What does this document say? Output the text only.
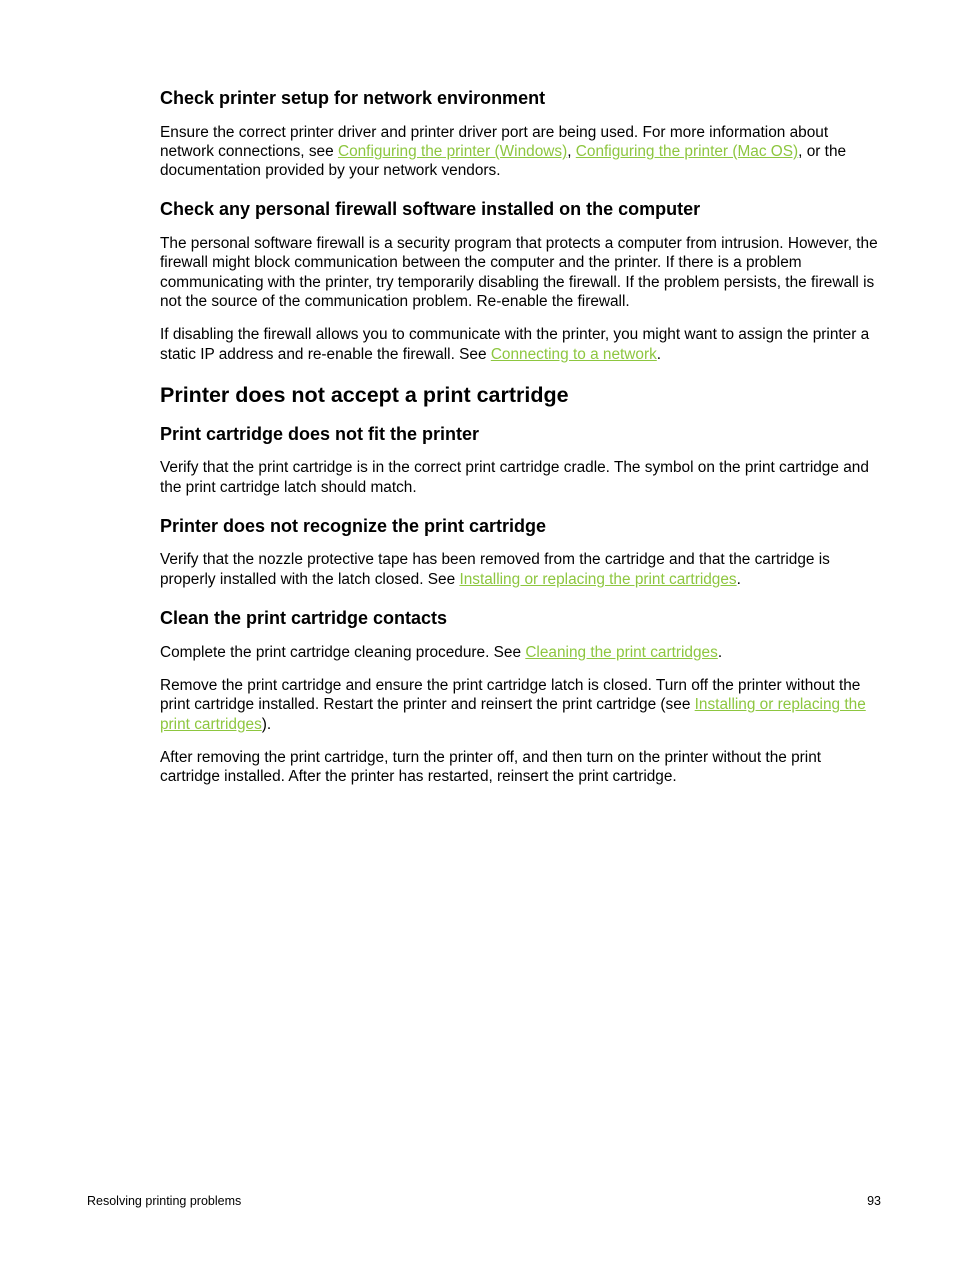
Check printer setup for network environment
Ensure the correct printer driver and printer driver port are being used. For more information about network connections, see Configuring the printer (Windows), Configuring the printer (Mac OS), or the documentation provided by your network vendors.
Check any personal firewall software installed on the computer
The personal software firewall is a security program that protects a computer from intrusion. However, the firewall might block communication between the computer and the printer. If there is a problem communicating with the printer, try temporarily disabling the firewall. If the problem persists, the firewall is not the source of the communication problem. Re-enable the firewall.
If disabling the firewall allows you to communicate with the printer, you might want to assign the printer a static IP address and re-enable the firewall. See Connecting to a network.
Printer does not accept a print cartridge
Print cartridge does not fit the printer
Verify that the print cartridge is in the correct print cartridge cradle. The symbol on the print cartridge and the print cartridge latch should match.
Printer does not recognize the print cartridge
Verify that the nozzle protective tape has been removed from the cartridge and that the cartridge is properly installed with the latch closed. See Installing or replacing the print cartridges.
Clean the print cartridge contacts
Complete the print cartridge cleaning procedure. See Cleaning the print cartridges.
Remove the print cartridge and ensure the print cartridge latch is closed. Turn off the printer without the print cartridge installed. Restart the printer and reinsert the print cartridge (see Installing or replacing the print cartridges).
After removing the print cartridge, turn the printer off, and then turn on the printer without the print cartridge installed. After the printer has restarted, reinsert the print cartridge.
Resolving printing problems	93
